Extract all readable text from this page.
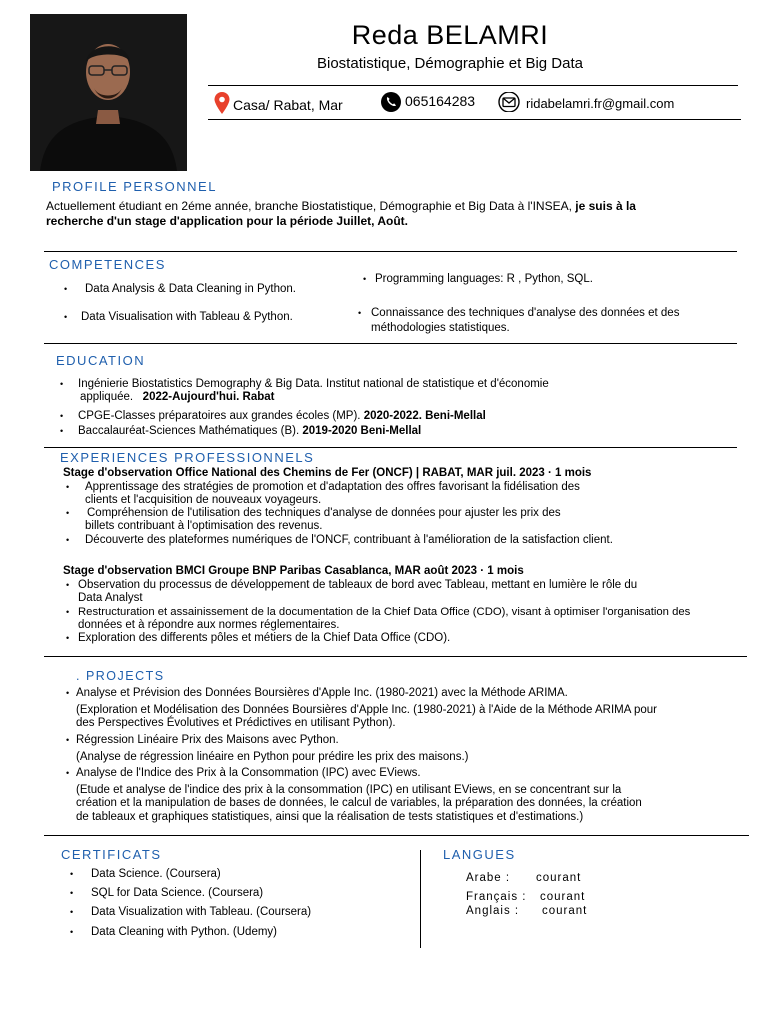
Reda BELAMRI
Biostatistique, Démographie et Big Data
Casa/ Rabat, Mar	065164283	ridabelamri.fr@gmail.com
PROFILE PERSONNEL
Actuellement étudiant en 2éme année, branche Biostatistique, Démographie et Big Data à l'INSEA, je suis à la
recherche d'un stage d'application pour la période Juillet, Août.
COMPETENCES
• Data Analysis & Data Cleaning in Python.
• Data Visualisation with Tableau & Python.
• Programming languages: R , Python, SQL.
• Connaissance des techniques d'analyse des données et des
méthodologies statistiques.
EDUCATION
• Ingénierie Biostatistics Demography & Big Data. Institut national de statistique et d'économie
appliquée. 2022-Aujourd'hui. Rabat
• CPGE-Classes préparatoires aux grandes écoles (MP). 2020-2022. Beni-Mellal
• Baccalauréat-Sciences Mathématiques (B). 2019-2020 Beni-Mellal
EXPERIENCES PROFESSIONNELS
Stage d'observation Office National des Chemins de Fer (ONCF) | RABAT, MAR juil. 2023 · 1 mois
• Apprentissage des stratégies de promotion et d'adaptation des offres favorisant la fidélisation des
clients et l'acquisition de nouveaux voyageurs.
• Compréhension de l'utilisation des techniques d'analyse de données pour ajuster les prix des
billets contribuant à l'optimisation des revenus.
• Découverte des plateformes numériques de l'ONCF, contribuant à l'amélioration de la satisfaction client.
Stage d'observation BMCI Groupe BNP Paribas Casablanca, MAR août 2023 · 1 mois
• Observation du processus de développement de tableaux de bord avec Tableau, mettant en lumière le rôle du
Data Analyst
• Restructuration et assainissement de la documentation de la Chief Data Office (CDO), visant à optimiser l'organisation des
données et à répondre aux normes réglementaires.
• Exploration des differents pôles et métiers de la Chief Data Office (CDO).
. PROJECTS
• Analyse et Prévision des Données Boursières d'Apple Inc. (1980-2021) avec la Méthode ARIMA.
(Exploration et Modélisation des Données Boursières d'Apple Inc. (1980-2021) à l'Aide de la Méthode ARIMA pour
des Perspectives Évolutives et Prédictives en utilisant Python).
• Régression Linéaire Prix des Maisons avec Python.
(Analyse de régression linéaire en Python pour prédire les prix des maisons.)
• Analyse de l'Indice des Prix à la Consommation (IPC) avec EViews.
(Etude et analyse de l'indice des prix à la consommation (IPC) en utilisant EViews, en se concentrant sur la
création et la manipulation de bases de données, le calcul de variables, la préparation des données, la création
de tableaux et graphiques statistiques, ainsi que la réalisation de tests statistiques et d'estimations.)
CERTIFICATS
• Data Science. (Coursera)
• SQL for Data Science. (Coursera)
• Data Visualization with Tableau. (Coursera)
• Data Cleaning with Python. (Udemy)
LANGUES
Arabe : courant
Français : courant
Anglais : courant
